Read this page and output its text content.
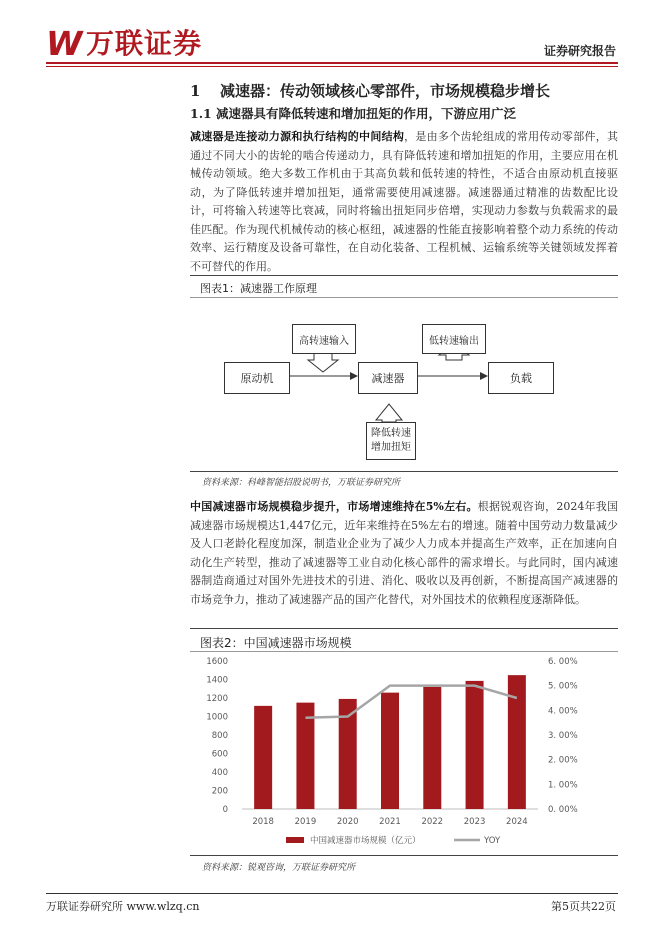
W 万联证券	证券研究报告
1 减速器：传动领域核心零部件，市场规模稳步增长
1.1 减速器具有降低转速和增加扭矩的作用，下游应用广泛
减速器是连接动力源和执行结构的中间结构，是由多个齿轮组成的常用传动零部件，其通过不同大小的齿轮的啮合传递动力，具有降低转速和增加扭矩的作用，主要应用在机械传动领域。绝大多数工作机由于其高负载和低转速的特性，不适合由原动机直接驱动，为了降低转速并增加扭矩，通常需要使用减速器。减速器通过精准的齿数配比设计，可将输入转速等比衰减，同时将输出扭矩同步倍增，实现动力参数与负载需求的最佳匹配。作为现代机械传动的核心枢纽，减速器的性能直接影响着整个动力系统的传动效率、运行精度及设备可靠性，在自动化装备、工程机械、运输系统等关键领域发挥着不可替代的作用。
图表1：减速器工作原理
原动机	减速器	负载
高转速输入	低转速输出
降低转速
增加扭矩
资料来源：科峰智能招股说明书，万联证券研究所
中国减速器市场规模稳步提升，市场增速维持在5%左右。根据锐观咨询，2024年我国减速器市场规模达1,447亿元，近年来维持在5%左右的增速。随着中国劳动力数量减少及人口老龄化程度加深，制造业企业为了减少人力成本并提高生产效率，正在加速向自动化生产转型，推动了减速器等工业自动化核心部件的需求增长。与此同时，国内减速器制造商通过对国外先进技术的引进、消化、吸收以及再创新，不断提高国产减速器的市场竞争力，推动了减速器产品的国产化替代，对外国技术的依赖程度逐渐降低。
图表2：中国减速器市场规模
1600
1400
1200
1000
800
600
400
200
0
6. 00%
5. 00%
4. 00%
3. 00%
2. 00%
1. 00%
0. 00%
2018 2019 2020 2021 2022 2023 2024
中国减速器市场规模（亿元）	YOY
资料来源：锐观咨询，万联证券研究所
万联证券研究所 www.wlzq.cn	第5页共22页
